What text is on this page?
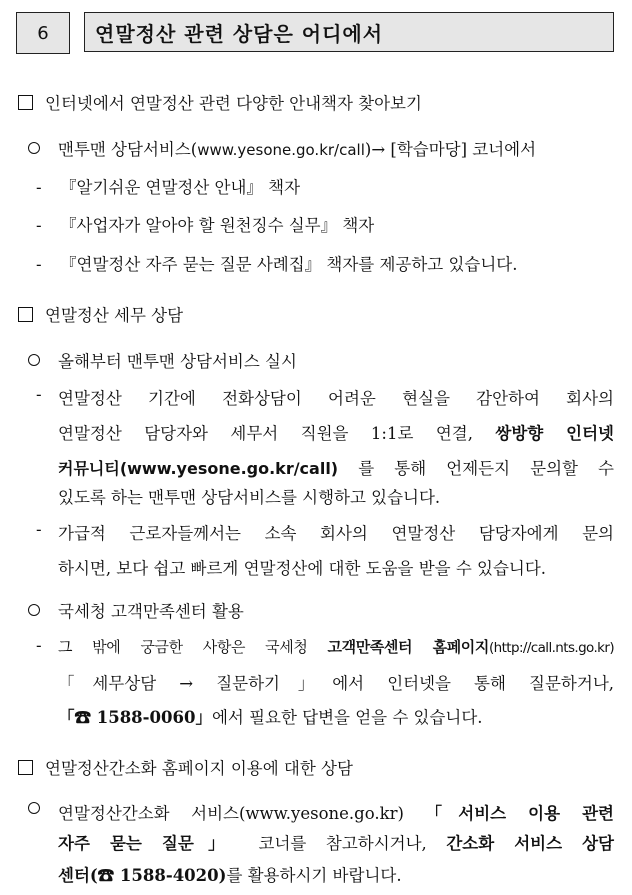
6	연말정산 관련 상담은 어디에서
인터넷에서 연말정산 관련 다양한 안내책자 찾아보기
맨투맨 상담서비스(www.yesone.go.kr/call)→ [학습마당] 코너에서
- 『알기쉬운 연말정산 안내』 책자
- 『사업자가 알아야 할 원천징수 실무』 책자
- 『연말정산 자주 묻는 질문 사례집』 책자를 제공하고 있습니다.
연말정산 세무 상담
올해부터 맨투맨 상담서비스 실시
- 연말정산 기간에 전화상담이 어려운 현실을 감안하여 회사의
연말정산 담당자와 세무서 직원을 1:1로 연결, 쌍방향 인터넷
커뮤니티(www.yesone.go.kr/call) 를 통해 언제든지 문의할 수
있도록 하는 맨투맨 상담서비스를 시행하고 있습니다.
- 가급적 근로자들께서는 소속 회사의 연말정산 담당자에게 문의
하시면, 보다 쉽고 빠르게 연말정산에 대한 도움을 받을 수 있습니다.
국세청 고객만족센터 활용
- 그 밖에 궁금한 사항은 국세청 고객만족센터 홈페이지(http://call.nts.go.kr)
「세무상담 → 질문하기」에서 인터넷을 통해 질문하거나,
「☎ 1588-0060」에서 필요한 답변을 얻을 수 있습니다.
연말정산간소화 홈페이지 이용에 대한 상담
연말정산간소화 서비스(www.yesone.go.kr) 「서비스 이용 관련
자주 묻는 질문」 코너를 참고하시거나, 간소화 서비스 상담
센터(☎ 1588-4020)를 활용하시기 바랍니다.
